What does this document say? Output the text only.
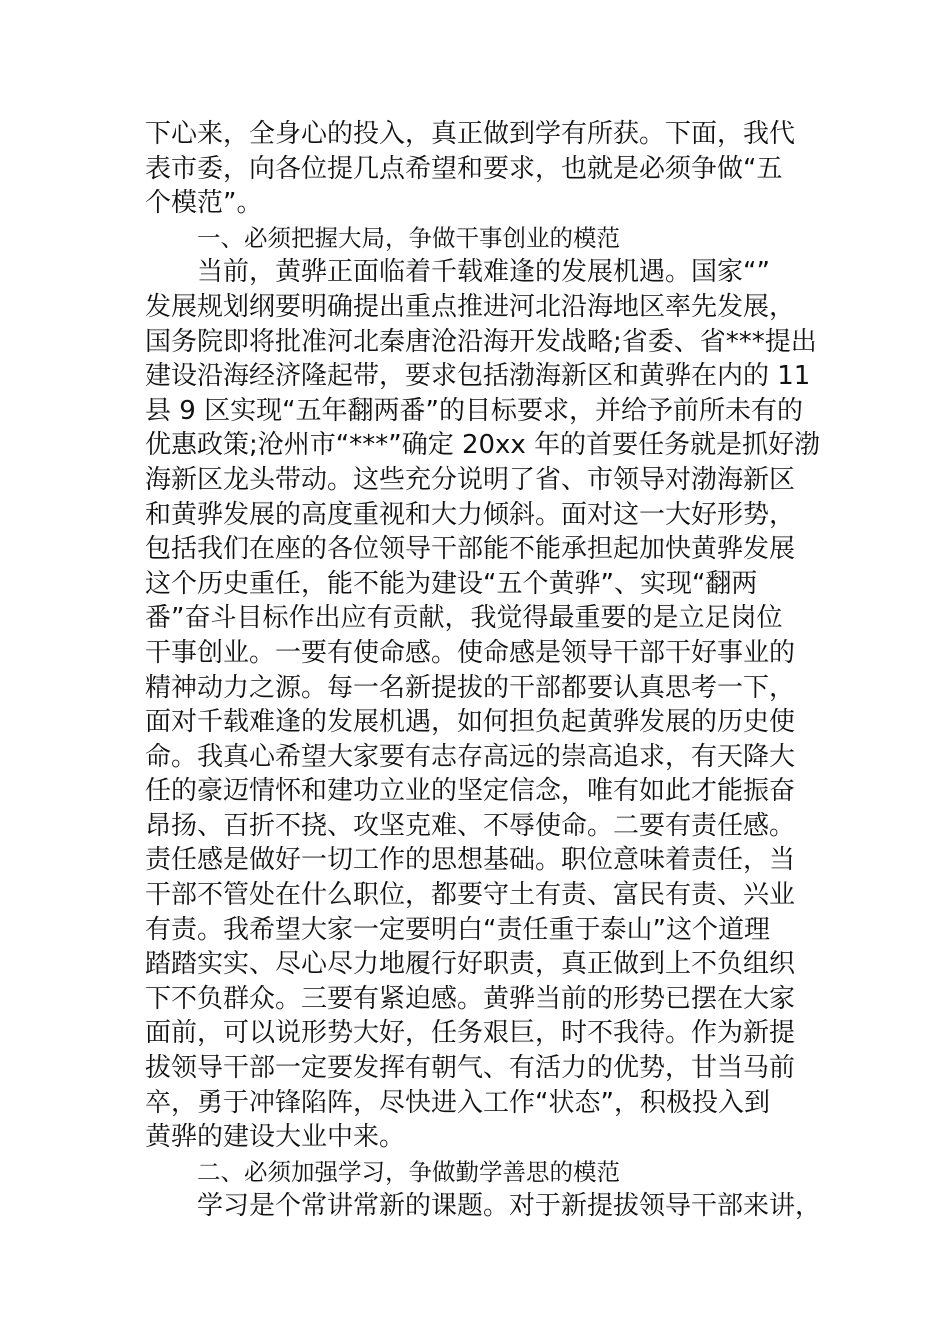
下心来，全身心的投入，真正做到学有所获。下面，我代
表市委，向各位提几点希望和要求，也就是必须争做“五
个模范”。
一、必须把握大局，争做干事创业的模范
当前，黄骅正面临着千载难逢的发展机遇。国家“”
发展规划纲要明确提出重点推进河北沿海地区率先发展，
国务院即将批准河北秦唐沧沿海开发战略;省委、省***提出
建设沿海经济隆起带，要求包括渤海新区和黄骅在内的 11
县 9 区实现“五年翻两番”的目标要求，并给予前所未有的
优惠政策;沧州市“***”确定 20xx 年的首要任务就是抓好渤
海新区龙头带动。这些充分说明了省、市领导对渤海新区
和黄骅发展的高度重视和大力倾斜。面对这一大好形势，
包括我们在座的各位领导干部能不能承担起加快黄骅发展
这个历史重任，能不能为建设“五个黄骅”、实现“翻两
番”奋斗目标作出应有贡献，我觉得最重要的是立足岗位
干事创业。一要有使命感。使命感是领导干部干好事业的
精神动力之源。每一名新提拔的干部都要认真思考一下，
面对千载难逢的发展机遇，如何担负起黄骅发展的历史使
命。我真心希望大家要有志存高远的崇高追求，有天降大
任的豪迈情怀和建功立业的坚定信念，唯有如此才能振奋
昂扬、百折不挠、攻坚克难、不辱使命。二要有责任感。
责任感是做好一切工作的思想基础。职位意味着责任，当
干部不管处在什么职位，都要守土有责、富民有责、兴业
有责。我希望大家一定要明白“责任重于泰山”这个道理
踏踏实实、尽心尽力地履行好职责，真正做到上不负组织
下不负群众。三要有紧迫感。黄骅当前的形势已摆在大家
面前，可以说形势大好，任务艰巨，时不我待。作为新提
拔领导干部一定要发挥有朝气、有活力的优势，甘当马前
卒，勇于冲锋陷阵，尽快进入工作“状态”，积极投入到
黄骅的建设大业中来。
二、必须加强学习，争做勤学善思的模范
学习是个常讲常新的课题。对于新提拔领导干部来讲，
